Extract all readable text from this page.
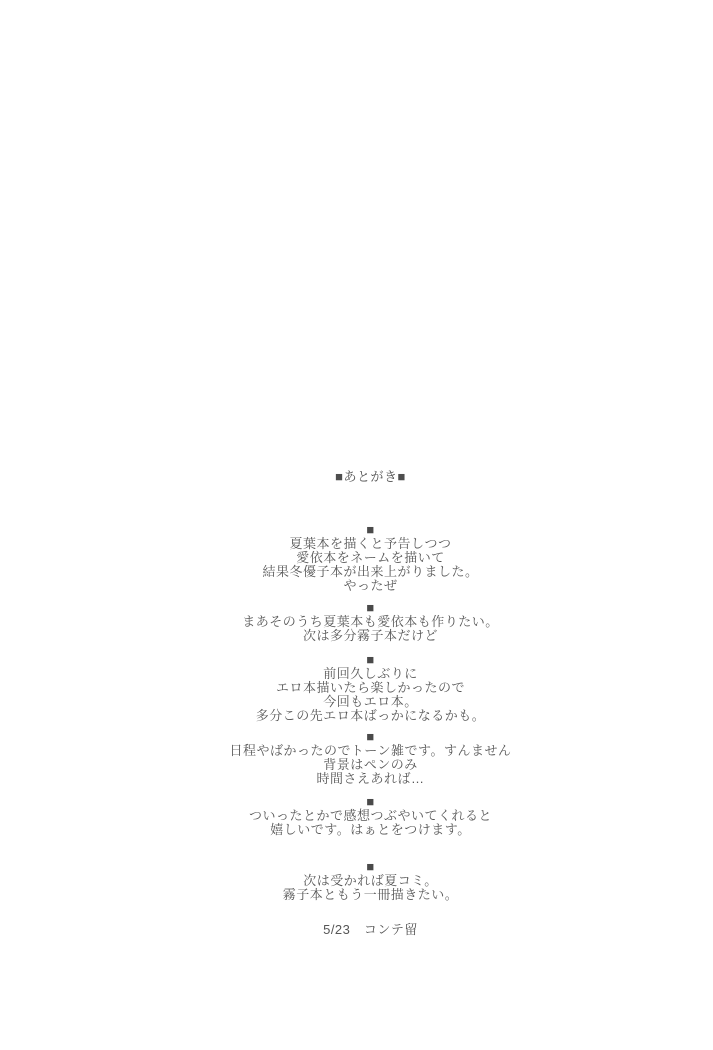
■あとがき■
■
夏葉本を描くと予告しつつ
愛依本をネームを描いて
結果冬優子本が出来上がりました。
やったぜ
■
まあそのうち夏葉本も愛依本も作りたい。
次は多分霧子本だけど
■
前回久しぶりに
エロ本描いたら楽しかったので
今回もエロ本。
多分この先エロ本ばっかになるかも。
■
日程やばかったのでトーン雑です。すんません
背景はペンのみ
時間さえあれば…
■
ついったとかで感想つぶやいてくれると
嬉しいです。はぁとをつけます。
■
次は受かれば夏コミ。
霧子本ともう一冊描きたい。
5/23　コンテ留
